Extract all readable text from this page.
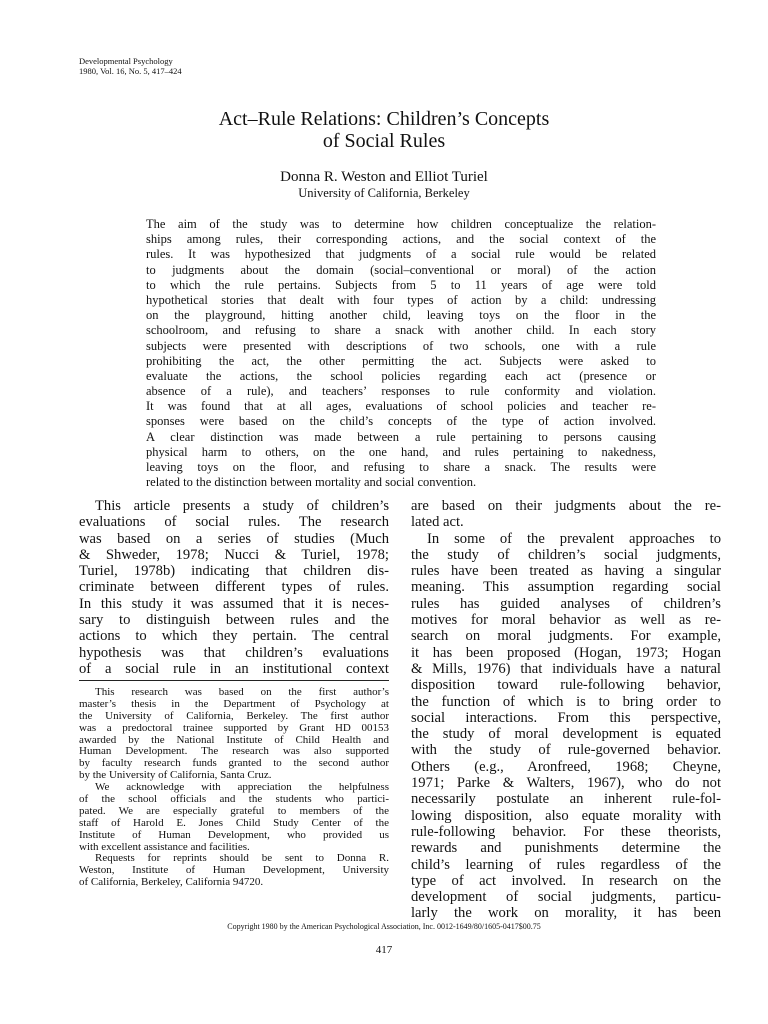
Developmental Psychology
1980, Vol. 16, No. 5, 417–424
Act–Rule Relations: Children’s Concepts
of Social Rules
Donna R. Weston and Elliot Turiel
University of California, Berkeley
The aim of the study was to determine how children conceptualize the relation-
ships among rules, their corresponding actions, and the social context of the
rules. It was hypothesized that judgments of a social rule would be related
to judgments about the domain (social–conventional or moral) of the action
to which the rule pertains. Subjects from 5 to 11 years of age were told
hypothetical stories that dealt with four types of action by a child: undressing
on the playground, hitting another child, leaving toys on the floor in the
schoolroom, and refusing to share a snack with another child. In each story
subjects were presented with descriptions of two schools, one with a rule
prohibiting the act, the other permitting the act. Subjects were asked to
evaluate the actions, the school policies regarding each act (presence or
absence of a rule), and teachers’ responses to rule conformity and violation.
It was found that at all ages, evaluations of school policies and teacher re-
sponses were based on the child’s concepts of the type of action involved.
A clear distinction was made between a rule pertaining to persons causing
physical harm to others, on the one hand, and rules pertaining to nakedness,
leaving toys on the floor, and refusing to share a snack. The results were
related to the distinction between mortality and social convention.
This article presents a study of children’s
evaluations of social rules. The research
was based on a series of studies (Much
& Shweder, 1978; Nucci & Turiel, 1978;
Turiel, 1978b) indicating that children dis-
criminate between different types of rules.
In this study it was assumed that it is neces-
sary to distinguish between rules and the
actions to which they pertain. The central
hypothesis was that children’s evaluations
of a social rule in an institutional context
This research was based on the first author’s
master’s thesis in the Department of Psychology at
the University of California, Berkeley. The first author
was a predoctoral trainee supported by Grant HD 00153
awarded by the National Institute of Child Health and
Human Development. The research was also supported
by faculty research funds granted to the second author
by the University of California, Santa Cruz.
We acknowledge with appreciation the helpfulness
of the school officials and the students who partici-
pated. We are especially grateful to members of the
staff of Harold E. Jones Child Study Center of the
Institute of Human Development, who provided us
with excellent assistance and facilities.
Requests for reprints should be sent to Donna R.
Weston, Institute of Human Development, University
of California, Berkeley, California 94720.
are based on their judgments about the re-
lated act.
In some of the prevalent approaches to
the study of children’s social judgments,
rules have been treated as having a singular
meaning. This assumption regarding social
rules has guided analyses of children’s
motives for moral behavior as well as re-
search on moral judgments. For example,
it has been proposed (Hogan, 1973; Hogan
& Mills, 1976) that individuals have a natural
disposition toward rule-following behavior,
the function of which is to bring order to
social interactions. From this perspective,
the study of moral development is equated
with the study of rule-governed behavior.
Others (e.g., Aronfreed, 1968; Cheyne,
1971; Parke & Walters, 1967), who do not
necessarily postulate an inherent rule-fol-
lowing disposition, also equate morality with
rule-following behavior. For these theorists,
rewards and punishments determine the
child’s learning of rules regardless of the
type of act involved. In research on the
development of social judgments, particu-
larly the work on morality, it has been
Copyright 1980 by the American Psychological Association, Inc. 0012-1649/80/1605-0417$00.75
417
